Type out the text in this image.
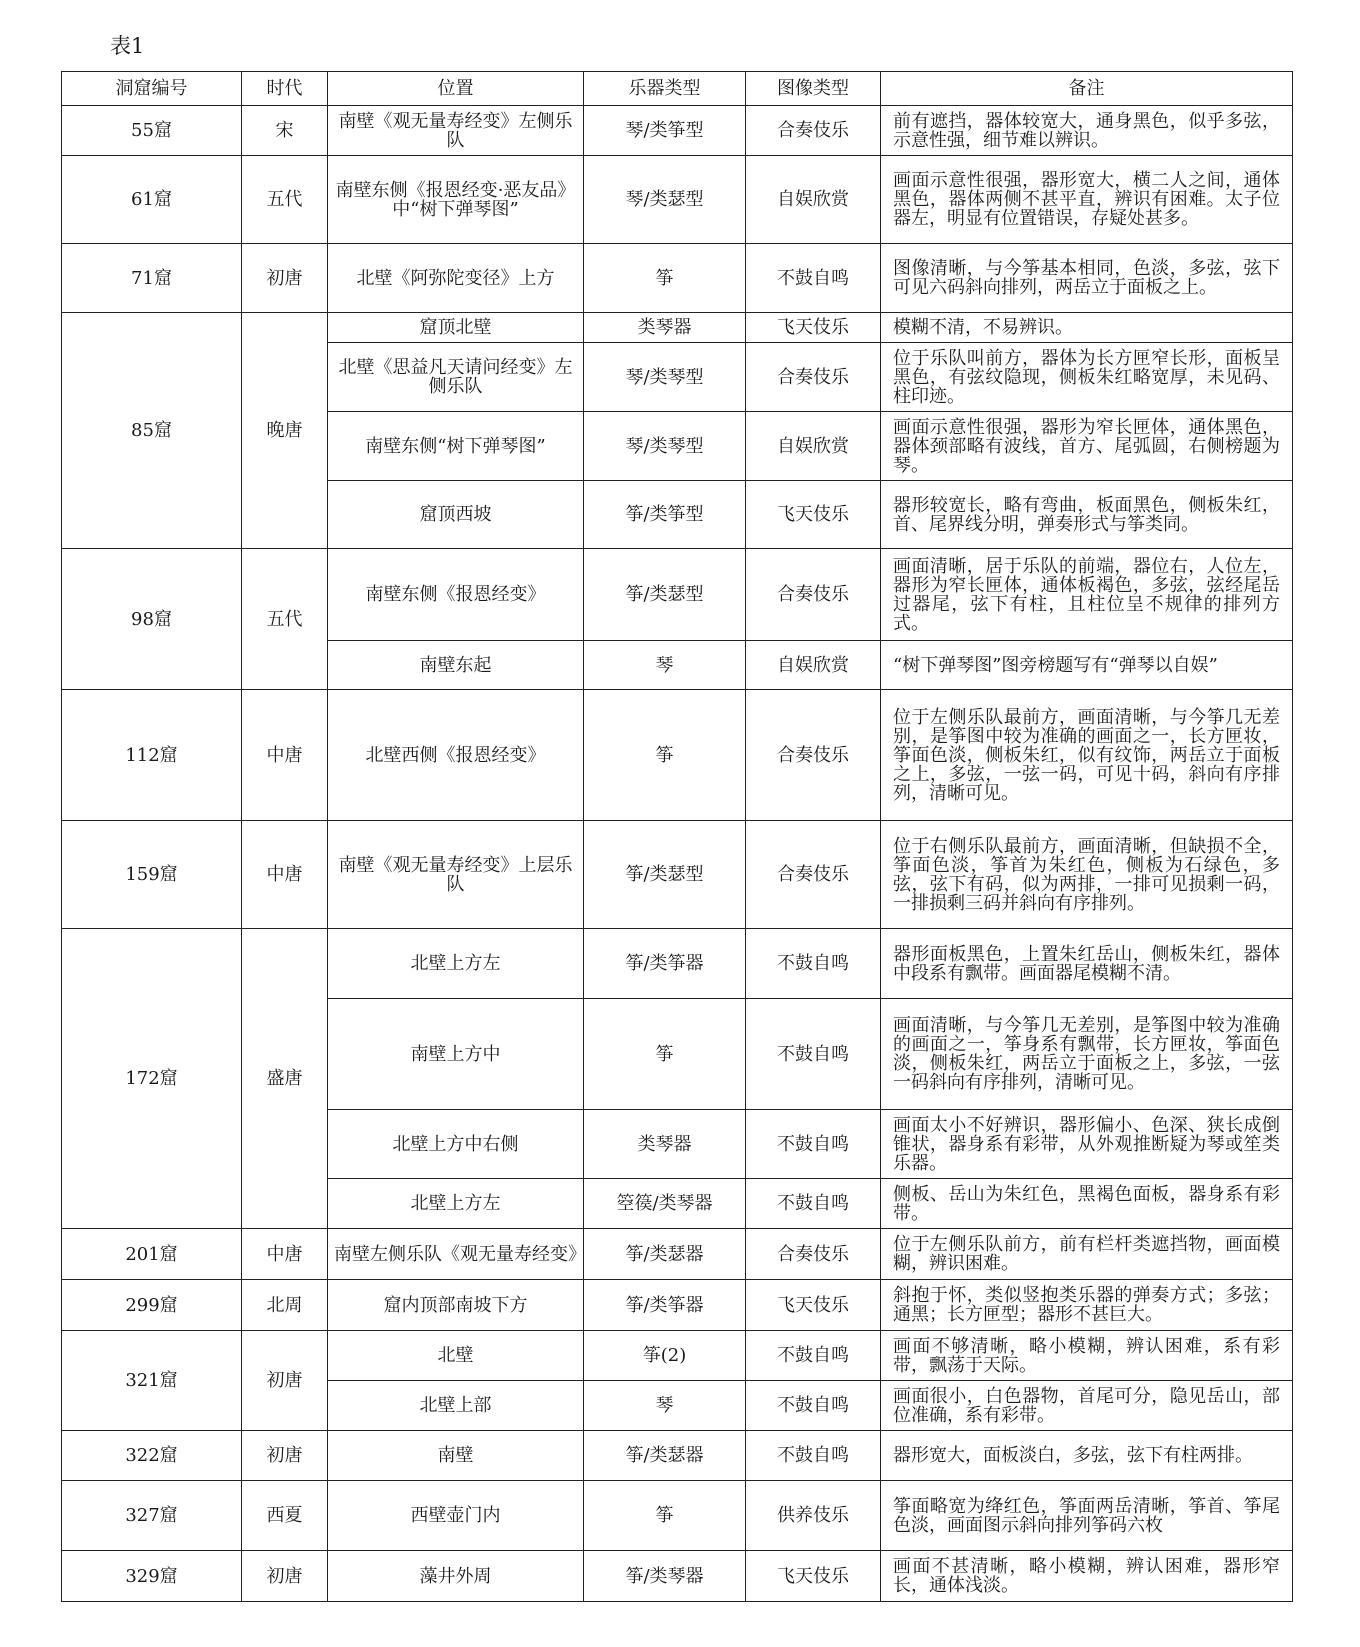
表1
洞窟编号	时代	位置	乐器类型	图像类型	备注
55窟	宋	南壁《观无量寿经变》左侧乐队	琴/类筝型	合奏伎乐	前有遮挡，器体较宽大，通身黑色，似乎多弦，示意性强，细节难以辨识。
61窟	五代	南壁东侧《报恩经变·恶友品》中“树下弹琴图”	琴/类瑟型	自娱欣赏	画面示意性很强，器形宽大，横二人之间，通体黑色，器体两侧不甚平直，辨识有困难。太子位器左，明显有位置错误，存疑处甚多。
71窟	初唐	北壁《阿弥陀变径》上方	筝	不鼓自鸣	图像清晰，与今筝基本相同，色淡，多弦，弦下可见六码斜向排列，两岳立于面板之上。
85窟	晚唐	窟顶北壁	类琴器	飞天伎乐	模糊不清，不易辨识。
		北壁《思益凡天请问经变》左侧乐队	琴/类琴型	合奏伎乐	位于乐队叫前方，器体为长方匣窄长形，面板呈黑色，有弦纹隐现，侧板朱红略宽厚，未见码、柱印迹。
		南壁东侧“树下弹琴图”	琴/类琴型	自娱欣赏	画面示意性很强，器形为窄长匣体，通体黑色，器体颈部略有波线，首方、尾弧圆，右侧榜题为琴。
		窟顶西坡	筝/类筝型	飞天伎乐	器形较宽长，略有弯曲，板面黑色，侧板朱红，首、尾界线分明，弹奏形式与筝类同。
98窟	五代	南壁东侧《报恩经变》	筝/类瑟型	合奏伎乐	画面清晰，居于乐队的前端，器位右，人位左，器形为窄长匣体，通体板褐色，多弦，弦经尾岳过器尾，弦下有柱，且柱位呈不规律的排列方式。
		南壁东起	琴	自娱欣赏	“树下弹琴图”图旁榜题写有“弹琴以自娱”
112窟	中唐	北壁西侧《报恩经变》	筝	合奏伎乐	位于左侧乐队最前方，画面清晰，与今筝几无差别，是筝图中较为准确的画面之一，长方匣妆，筝面色淡，侧板朱红，似有纹饰，两岳立于面板之上，多弦，一弦一码，可见十码，斜向有序排列，清晰可见。
159窟	中唐	南壁《观无量寿经变》上层乐队	筝/类瑟型	合奏伎乐	位于右侧乐队最前方，画面清晰，但缺损不全，筝面色淡，筝首为朱红色，侧板为石绿色，多弦，弦下有码，似为两排，一排可见损剩一码，一排损剩三码并斜向有序排列。
172窟	盛唐	北壁上方左	筝/类筝器	不鼓自鸣	器形面板黑色，上置朱红岳山，侧板朱红，器体中段系有飘带。画面器尾模糊不清。
		南壁上方中	筝	不鼓自鸣	画面清晰，与今筝几无差别，是筝图中较为准确的画面之一，筝身系有飘带，长方匣妆，筝面色淡，侧板朱红，两岳立于面板之上，多弦，一弦一码斜向有序排列，清晰可见。
		北壁上方中右侧	类琴器	不鼓自鸣	画面太小不好辨识，器形偏小、色深、狭长成倒锥状，器身系有彩带，从外观推断疑为琴或笙类乐器。
		北壁上方左	箜篌/类琴器	不鼓自鸣	侧板、岳山为朱红色，黑褐色面板，器身系有彩带。
201窟	中唐	南壁左侧乐队《观无量寿经变》	筝/类瑟器	合奏伎乐	位于左侧乐队前方，前有栏杆类遮挡物，画面模糊，辨识困难。
299窟	北周	窟内顶部南坡下方	筝/类筝器	飞天伎乐	斜抱于怀，类似竖抱类乐器的弹奏方式；多弦；通黑；长方匣型；器形不甚巨大。
321窟	初唐	北壁	筝(2)	不鼓自鸣	画面不够清晰，略小模糊，辨认困难，系有彩带，飘荡于天际。
		北壁上部	琴	不鼓自鸣	画面很小，白色器物，首尾可分，隐见岳山，部位准确，系有彩带。
322窟	初唐	南壁	筝/类瑟器	不鼓自鸣	器形宽大，面板淡白，多弦，弦下有柱两排。
327窟	西夏	西壁壶门内	筝	供养伎乐	筝面略宽为绛红色，筝面两岳清晰，筝首、筝尾色淡，画面图示斜向排列筝码六枚
329窟	初唐	藻井外周	筝/类琴器	飞天伎乐	画面不甚清晰，略小模糊，辨认困难，器形窄长，通体浅淡。
